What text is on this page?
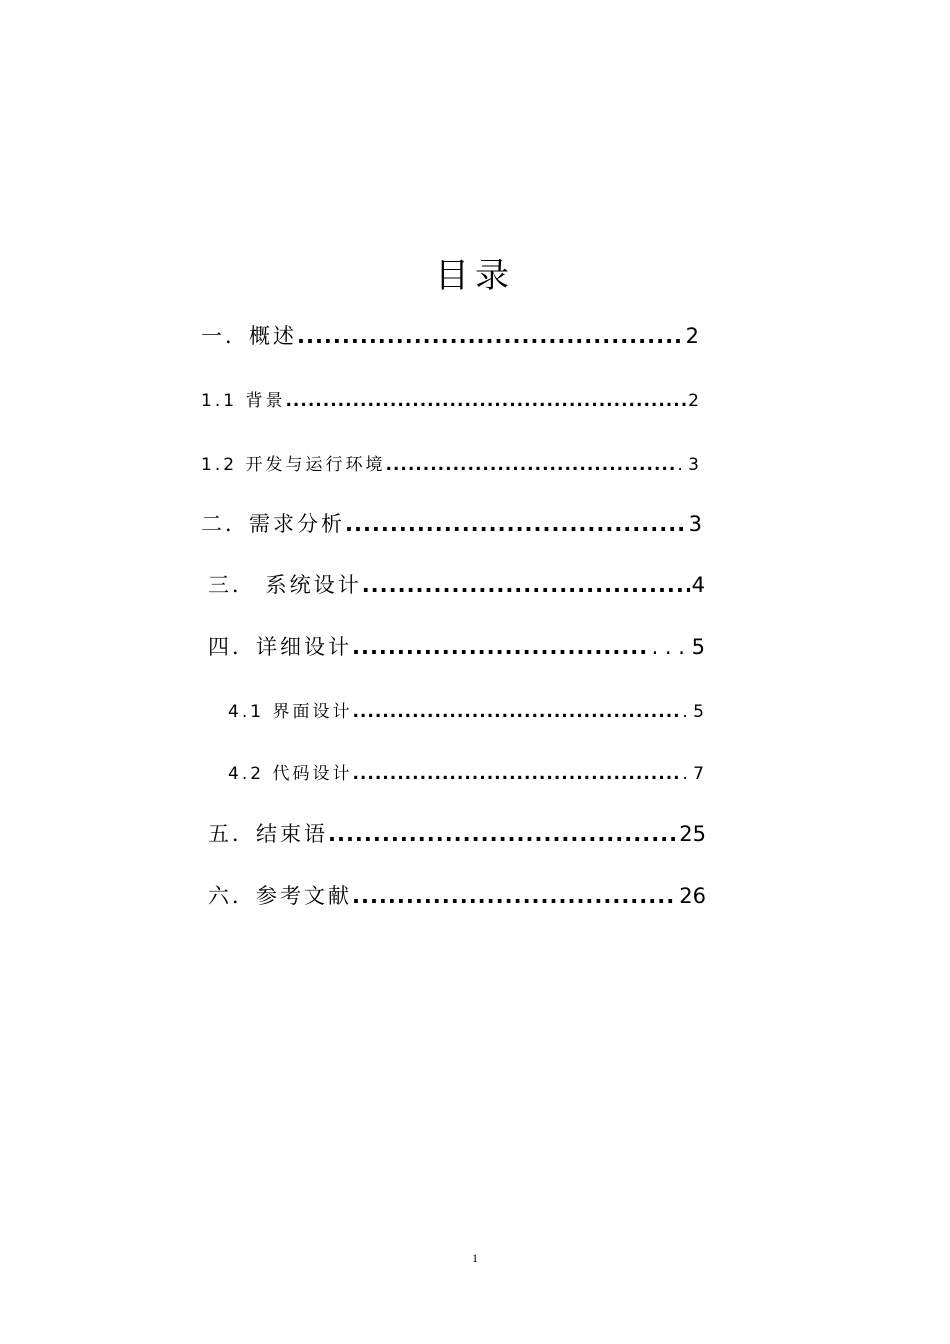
目录
一．概述 .....	2
1.1 背景 .....	2
1.2 开发与运行环境 .....	. 3
二．需求分析 .....	3
三． 系统设计 .....	4
四．详细设计 .....	. . . 5
4.1 界面设计 .....	. 5
4.2 代码设计 .....	. 7
五．结束语 .....	25
六．参考文献 .....	26
1
